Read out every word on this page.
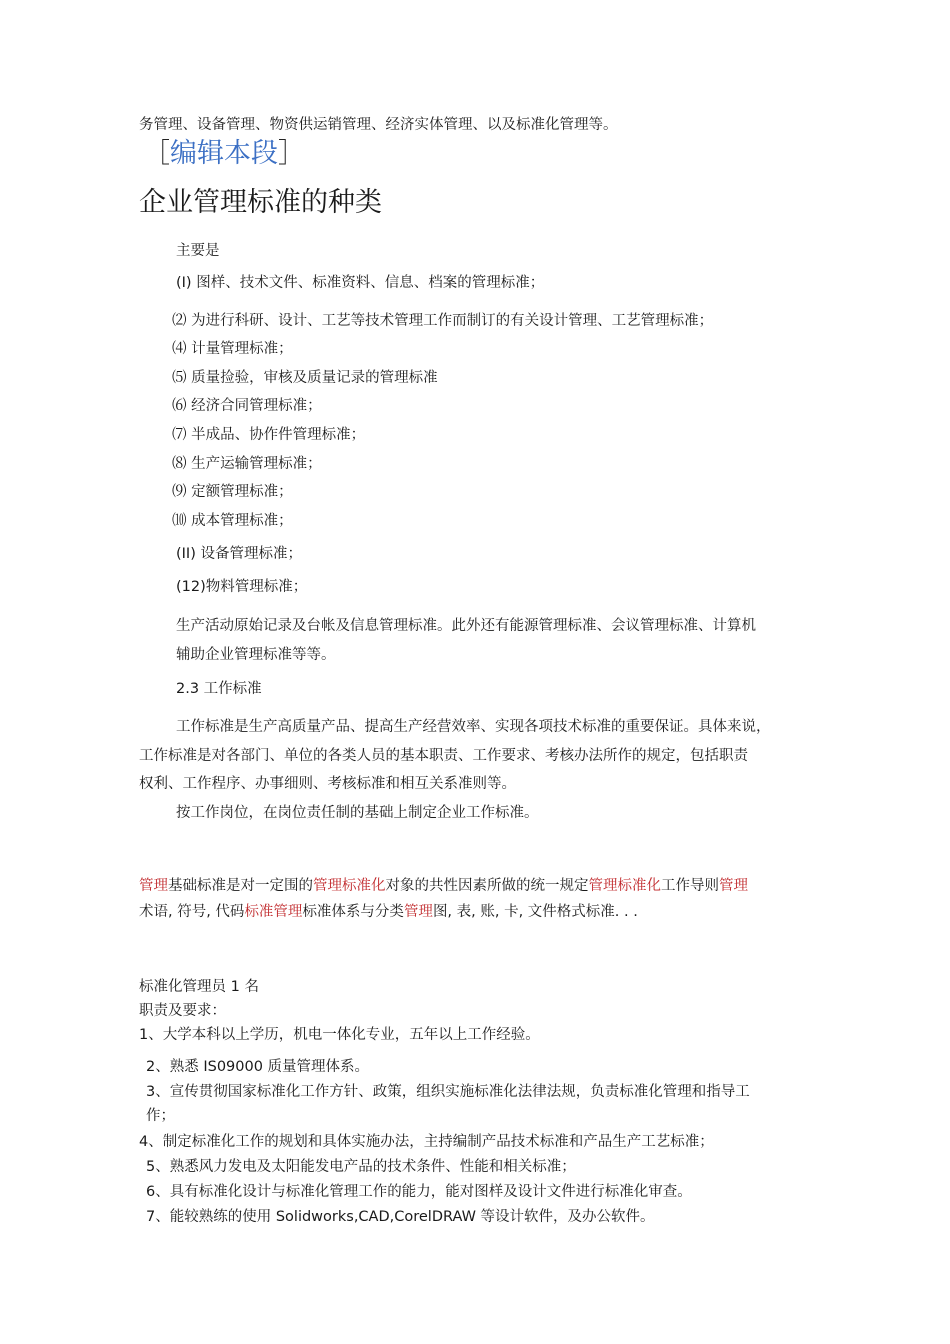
务管理、设备管理、物资供运销管理、经济实体管理、以及标准化管理等。
［编辑本段］
企业管理标准的种类
主要是
(I) 图样、技术文件、标准资料、信息、档案的管理标准；
⑵ 为进行科研、设计、工艺等技术管理工作而制订的有关设计管理、工艺管理标准；
⑷ 计量管理标准；
⑸ 质量捡验，审核及质量记录的管理标准
⑹ 经济合同管理标准；
⑺ 半成品、协作件管理标准；
⑻ 生产运输管理标准；
⑼ 定额管理标准；
⑽ 成本管理标准；
(II) 设备管理标准；
(12)物料管理标准；
生产活动原始记录及台帐及信息管理标准。此外还有能源管理标准、会议管理标准、计算机
辅助企业管理标准等等。
2.3 工作标准
工作标准是生产高质量产品、提高生产经营效率、实现各项技术标准的重要保证。具体来说，
工作标准是对各部门、单位的各类人员的基本职责、工作要求、考核办法所作的规定，包括职责
权利、工作程序、办事细则、考核标准和相互关系准则等。
按工作岗位，在岗位责任制的基础上制定企业工作标准。
管理基础标准是对一定围的管理标准化对象的共性因素所做的统一规定管理标准化工作导则管理
术语, 符号, 代码标准管理标准体系与分类管理图, 表, 账, 卡, 文件格式标准. . .
标准化管理员 1 名
职责及要求：
1、大学本科以上学历，机电一体化专业，五年以上工作经验。
2、熟悉 IS09000 质量管理体系。
3、宣传贯彻国家标准化工作方针、政策，组织实施标准化法律法规，负责标准化管理和指导工
作；
4、制定标准化工作的规划和具体实施办法，主持编制产品技术标准和产品生产工艺标准；
5、熟悉风力发电及太阳能发电产品的技术条件、性能和相关标准；
6、具有标准化设计与标准化管理工作的能力，能对图样及设计文件进行标准化审查。
7、能较熟练的使用 Solidworks,CAD,CorelDRAW 等设计软件，及办公软件。
